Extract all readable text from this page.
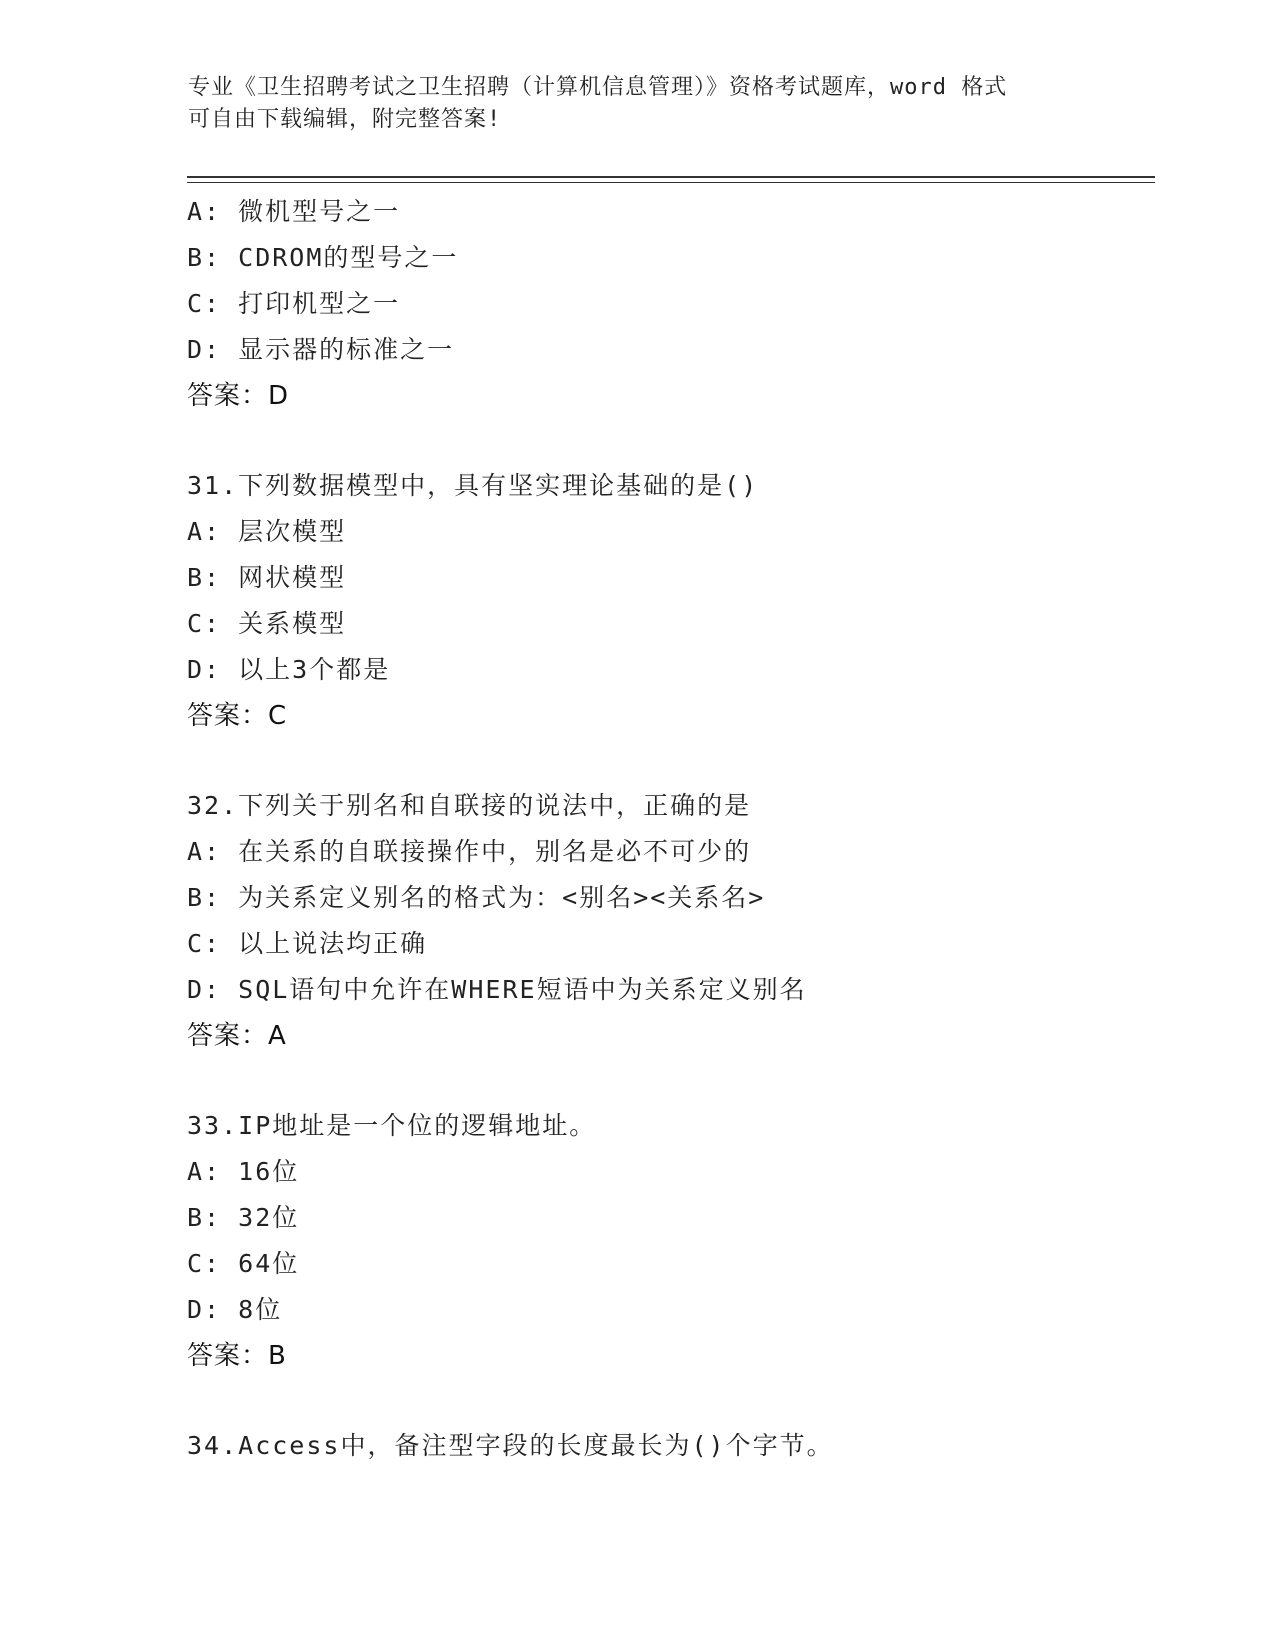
专业《卫生招聘考试之卫生招聘（计算机信息管理）》资格考试题库，word 格式
可自由下载编辑，附完整答案!
A: 微机型号之一
B: CDROM的型号之一
C: 打印机型之一
D: 显示器的标准之一
答案：D
31.下列数据模型中，具有坚实理论基础的是()
A: 层次模型
B: 网状模型
C: 关系模型
D: 以上3个都是
答案：C
32.下列关于别名和自联接的说法中，正确的是
A: 在关系的自联接操作中，别名是必不可少的
B: 为关系定义别名的格式为：<别名><关系名>
C: 以上说法均正确
D: SQL语句中允许在WHERE短语中为关系定义别名
答案：A
33.IP地址是一个位的逻辑地址。
A: 16位
B: 32位
C: 64位
D: 8位
答案：B
34.Access中，备注型字段的长度最长为()个字节。
